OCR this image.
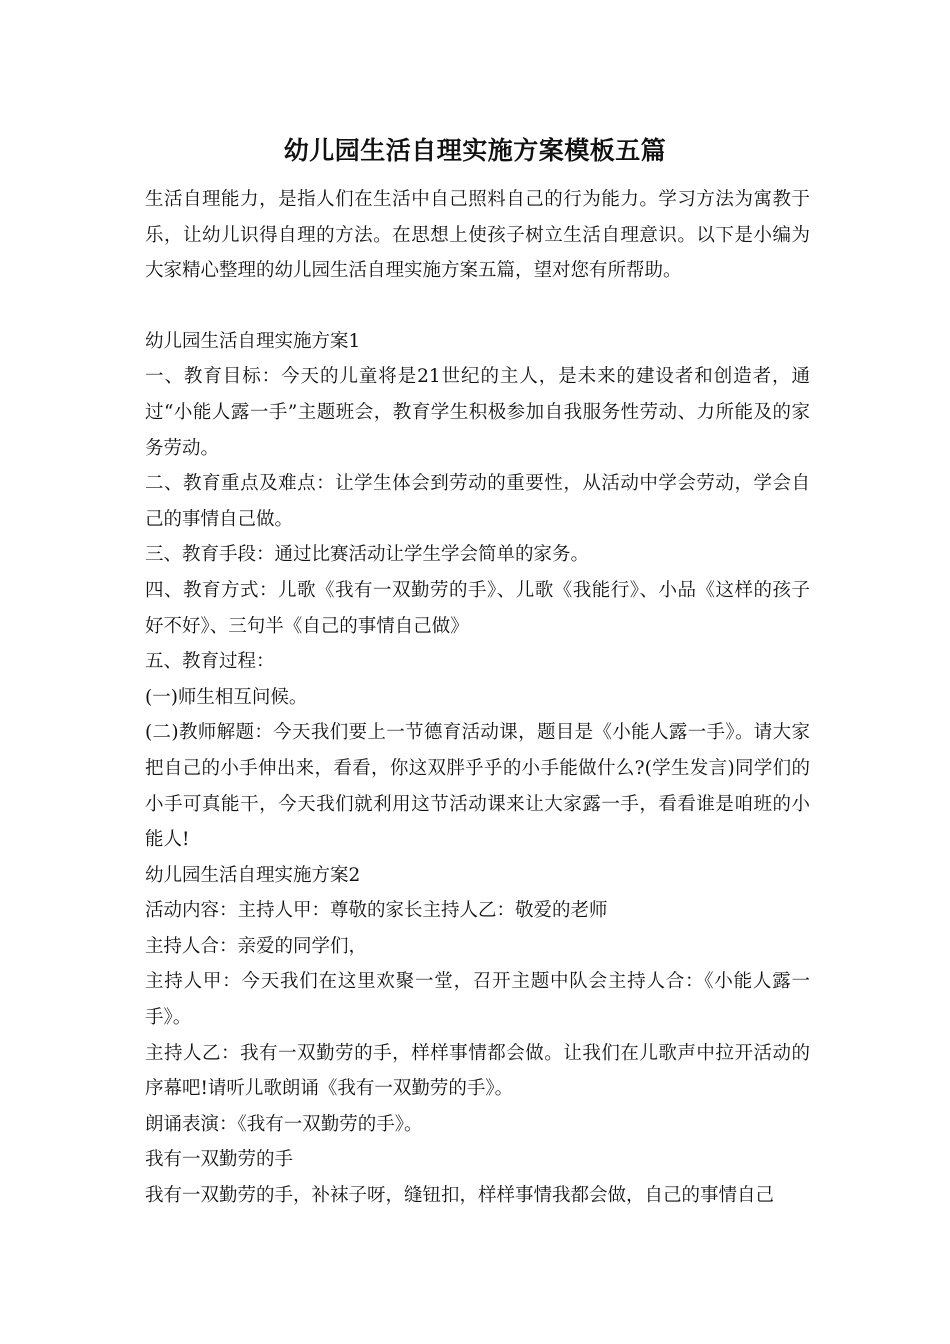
幼儿园生活自理实施方案模板五篇

生活自理能力，是指人们在生活中自己照料自己的行为能力。学习方法为寓教于乐，让幼儿识得自理的方法。在思想上使孩子树立生活自理意识。以下是小编为大家精心整理的幼儿园生活自理实施方案五篇，望对您有所帮助。

幼儿园生活自理实施方案1

一、教育目标：今天的儿童将是21世纪的主人，是未来的建设者和创造者，通过“小能人露一手”主题班会，教育学生积极参加自我服务性劳动、力所能及的家务劳动。

二、教育重点及难点：让学生体会到劳动的重要性，从活动中学会劳动，学会自己的事情自己做。

三、教育手段：通过比赛活动让学生学会简单的家务。

四、教育方式：儿歌《我有一双勤劳的手》、儿歌《我能行》、小品《这样的孩子好不好》、三句半《自己的事情自己做》

五、教育过程：

(一)师生相互问候。

(二)教师解题：今天我们要上一节德育活动课，题目是《小能人露一手》。请大家把自己的小手伸出来，看看，你这双胖乎乎的小手能做什么?(学生发言)同学们的小手可真能干，今天我们就利用这节活动课来让大家露一手，看看谁是咱班的小能人!

幼儿园生活自理实施方案2

活动内容：主持人甲：尊敬的家长主持人乙：敬爱的老师

主持人合：亲爱的同学们，

主持人甲：今天我们在这里欢聚一堂，召开主题中队会主持人合：《小能人露一手》。

主持人乙：我有一双勤劳的手，样样事情都会做。让我们在儿歌声中拉开活动的序幕吧!请听儿歌朗诵《我有一双勤劳的手》。

朗诵表演：《我有一双勤劳的手》。

我有一双勤劳的手

我有一双勤劳的手，补袜子呀，缝钮扣，样样事情我都会做，自己的事情自己
